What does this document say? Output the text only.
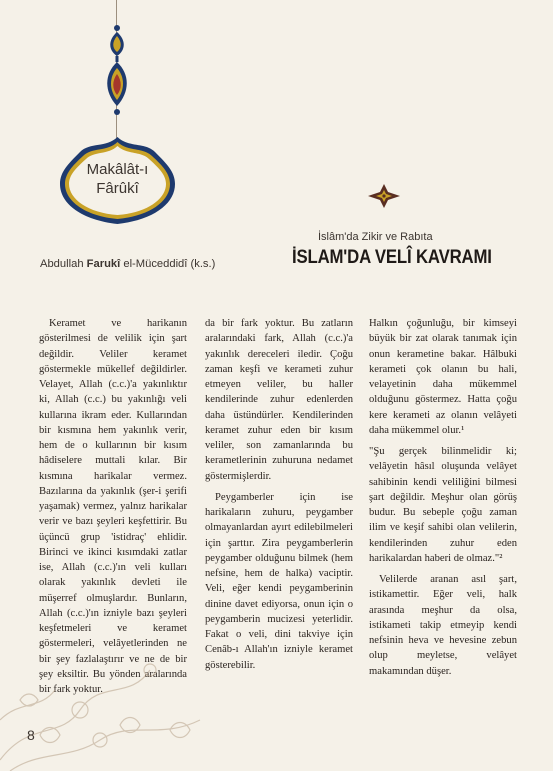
Makâlât-ı
Fârûkî
Abdullah Farukî el-Müceddidî (k.s.)
İslâm'da Zikir ve Rabıta
İSLAM'DA VELÎ KAVRAMI

Keramet ve harikanın gösterilmesi de velilik için şart değildir. Veliler keramet göstermekle mükellef değildirler. Velayet, Allah (c.c.)'a yakınlıktır ki, Allah (c.c.) bu yakınlığı veli kullarına ikram eder. Kullarından bir kısmına hem yakınlık verir, hem de o kullarının bir kısım hâdiselere muttali kılar. Bir kısmına harikalar vermez. Bazılarına da yakınlık (şer-i şerifi yaşamak) vermez, yalnız harikalar verir ve bazı şeyleri keşfettirir. Bu üçüncü grup 'istidraç' ehlidir. Birinci ve ikinci kısımdaki zatlar ise, Allah (c.c.)'ın veli kulları olarak yakınlık devleti ile müşerref olmuşlardır. Bunların, Allah (c.c.)'ın izniyle bazı şeyleri keşfetmeleri ve keramet göstermeleri, velâyetlerinden ne bir şey fazlalaştırır ve ne de bir şey eksiltir. Bu yönden aralarında bir fark yoktur.

da bir fark yoktur. Bu zatların aralarındaki fark, Allah (c.c.)'a yakınlık dereceleri iledir. Çoğu zaman keşfi ve kerameti zuhur etmeyen veliler, bu haller kendilerinde zuhur edenlerden daha üstündürler. Kendilerinden keramet zuhur eden bir kısım veliler, son zamanlarında bu kerametlerinin zuhuruna nedamet göstermişlerdir.

Peygamberler için ise harikaların zuhuru, peygamber olmayanlardan ayırt edilebilmeleri için şarttır. Zira peygamberlerin peygamber olduğunu bilmek (hem nefsine, hem de halka) vaciptir. Veli, eğer kendi peygamberinin dinine davet ediyorsa, onun için o peygamberin mucizesi yeterlidir. Fakat o veli, dini takviye için Cenâb-ı Allah'ın izniyle keramet gösterebilir.

Halkın çoğunluğu, bir kimseyi büyük bir zat olarak tanımak için onun kerametine bakar. Hâlbuki kerameti çok olanın bu hali, velayetinin daha mükemmel olduğunu göstermez. Hatta çoğu kere kerameti az olanın velâyeti daha mükemmel olur.¹

"Şu gerçek bilinmelidir ki; velâyetin hâsıl oluşunda velâyet sahibinin kendi veliliğini bilmesi şart değildir. Meşhur olan görüş budur. Bu sebeple çoğu zaman ilim ve keşif sahibi olan velilerin, kendilerinden zuhur eden harikalardan haberi de olmaz."²

Velilerde aranan asıl şart, istikamettir. Eğer veli, halk arasında meşhur da olsa, istikameti takip etmeyip kendi nefsinin heva ve hevesine zebun olup meyletse, velâyet makamından düşer.

8
